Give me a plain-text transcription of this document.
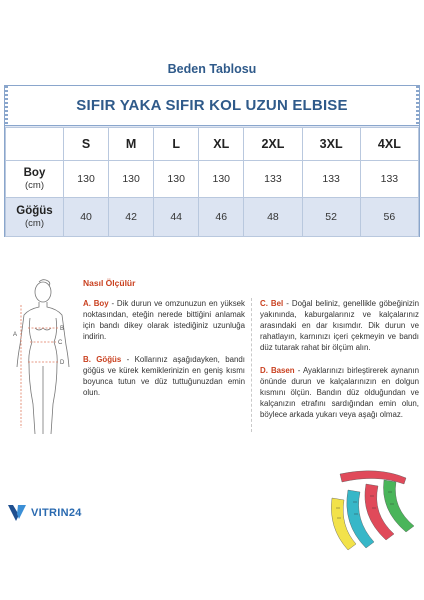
Beden Tablosu
SIFIR YAKA SIFIR KOL UZUN ELBISE
	S	M	L	XL	2XL	3XL	4XL

Boy
(cm)	130	130	130	130	133	133	133

Göğüs
(cm)	40	42	44	46	48	52	56
A
B
C
D
Nasıl Ölçülür

A. Boy - Dik durun ve omzunuzun en yüksek noktasından, eteğin nerede bittiğini anlamak için bandı dikey olarak istediğiniz uzunluğa indirin.

B. Göğüs - Kollarınız aşağıdayken, bandı göğüs ve kürek kemiklerinizin en geniş kısmı boyunca tutun ve düz tuttuğunuzdan emin olun.

C. Bel - Doğal beliniz, genellikle göbeğinizin yakınında, kaburgalarınız ve kalçalarınız arasındaki en dar kısımdır. Dik durun ve rahatlayın, karnınızı içeri çekmeyin ve bandı düz tutarak rahat bir ölçüm alın.

D. Basen - Ayaklarınızı birleştirerek aynanın önünde durun ve kalçalarınızın en dolgun kısmını ölçün. Bandın düz olduğundan ve kalçanızın etrafını sardığından emin olun, böylece arkada yukarı veya aşağı olmaz.

VITRIN24
